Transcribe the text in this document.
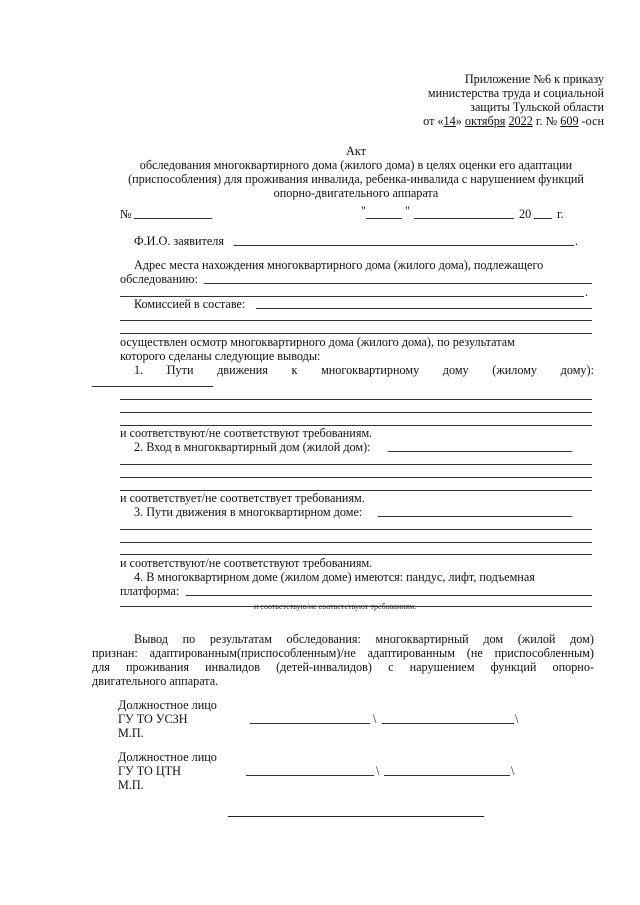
Приложение №6 к приказу
министерства труда и социальной
защиты Тульской области
от «14» октября 2022 г. № 609 -осн
Акт
обследования многоквартирного дома (жилого дома) в целях оценки его адаптации
(приспособления) для проживания инвалида, ребенка-инвалида с нарушением функций
опорно-двигательного аппарата
№	"	"	20 г.
Ф.И.О. заявителя	.
Адрес места нахождения многоквартирного дома (жилого дома), подлежащего
обследованию:
.
Комиссией в составе:
осуществлен осмотр многоквартирного дома (жилого дома), по результатам
которого сделаны следующие выводы:
1. Пути движения к многоквартирному дому (жилому дому):
и соответствуют/не соответствуют требованиям.
2. Вход в многоквартирный дом (жилой дом):
и соответствует/не соответствует требованиям.
3. Пути движения в многоквартирном доме:
и соответствуют/не соответствуют требованиям.
4. В многоквартирном доме (жилом доме) имеются: пандус, лифт, подъемная
платформа:
и соответствую/не соответствуют требованиям.
Вывод по результатам обследования: многоквартирный дом (жилой дом)
признан: адаптированным(приспособленным)/не адаптированным (не приспособленным)
для проживания инвалидов (детей-инвалидов) с нарушением функций опорно-
двигательного аппарата.
Должностное лицо
ГУ ТО УСЗН
М.П.
\	\
Должностное лицо
ГУ ТО ЦТН
М.П.
\	\
